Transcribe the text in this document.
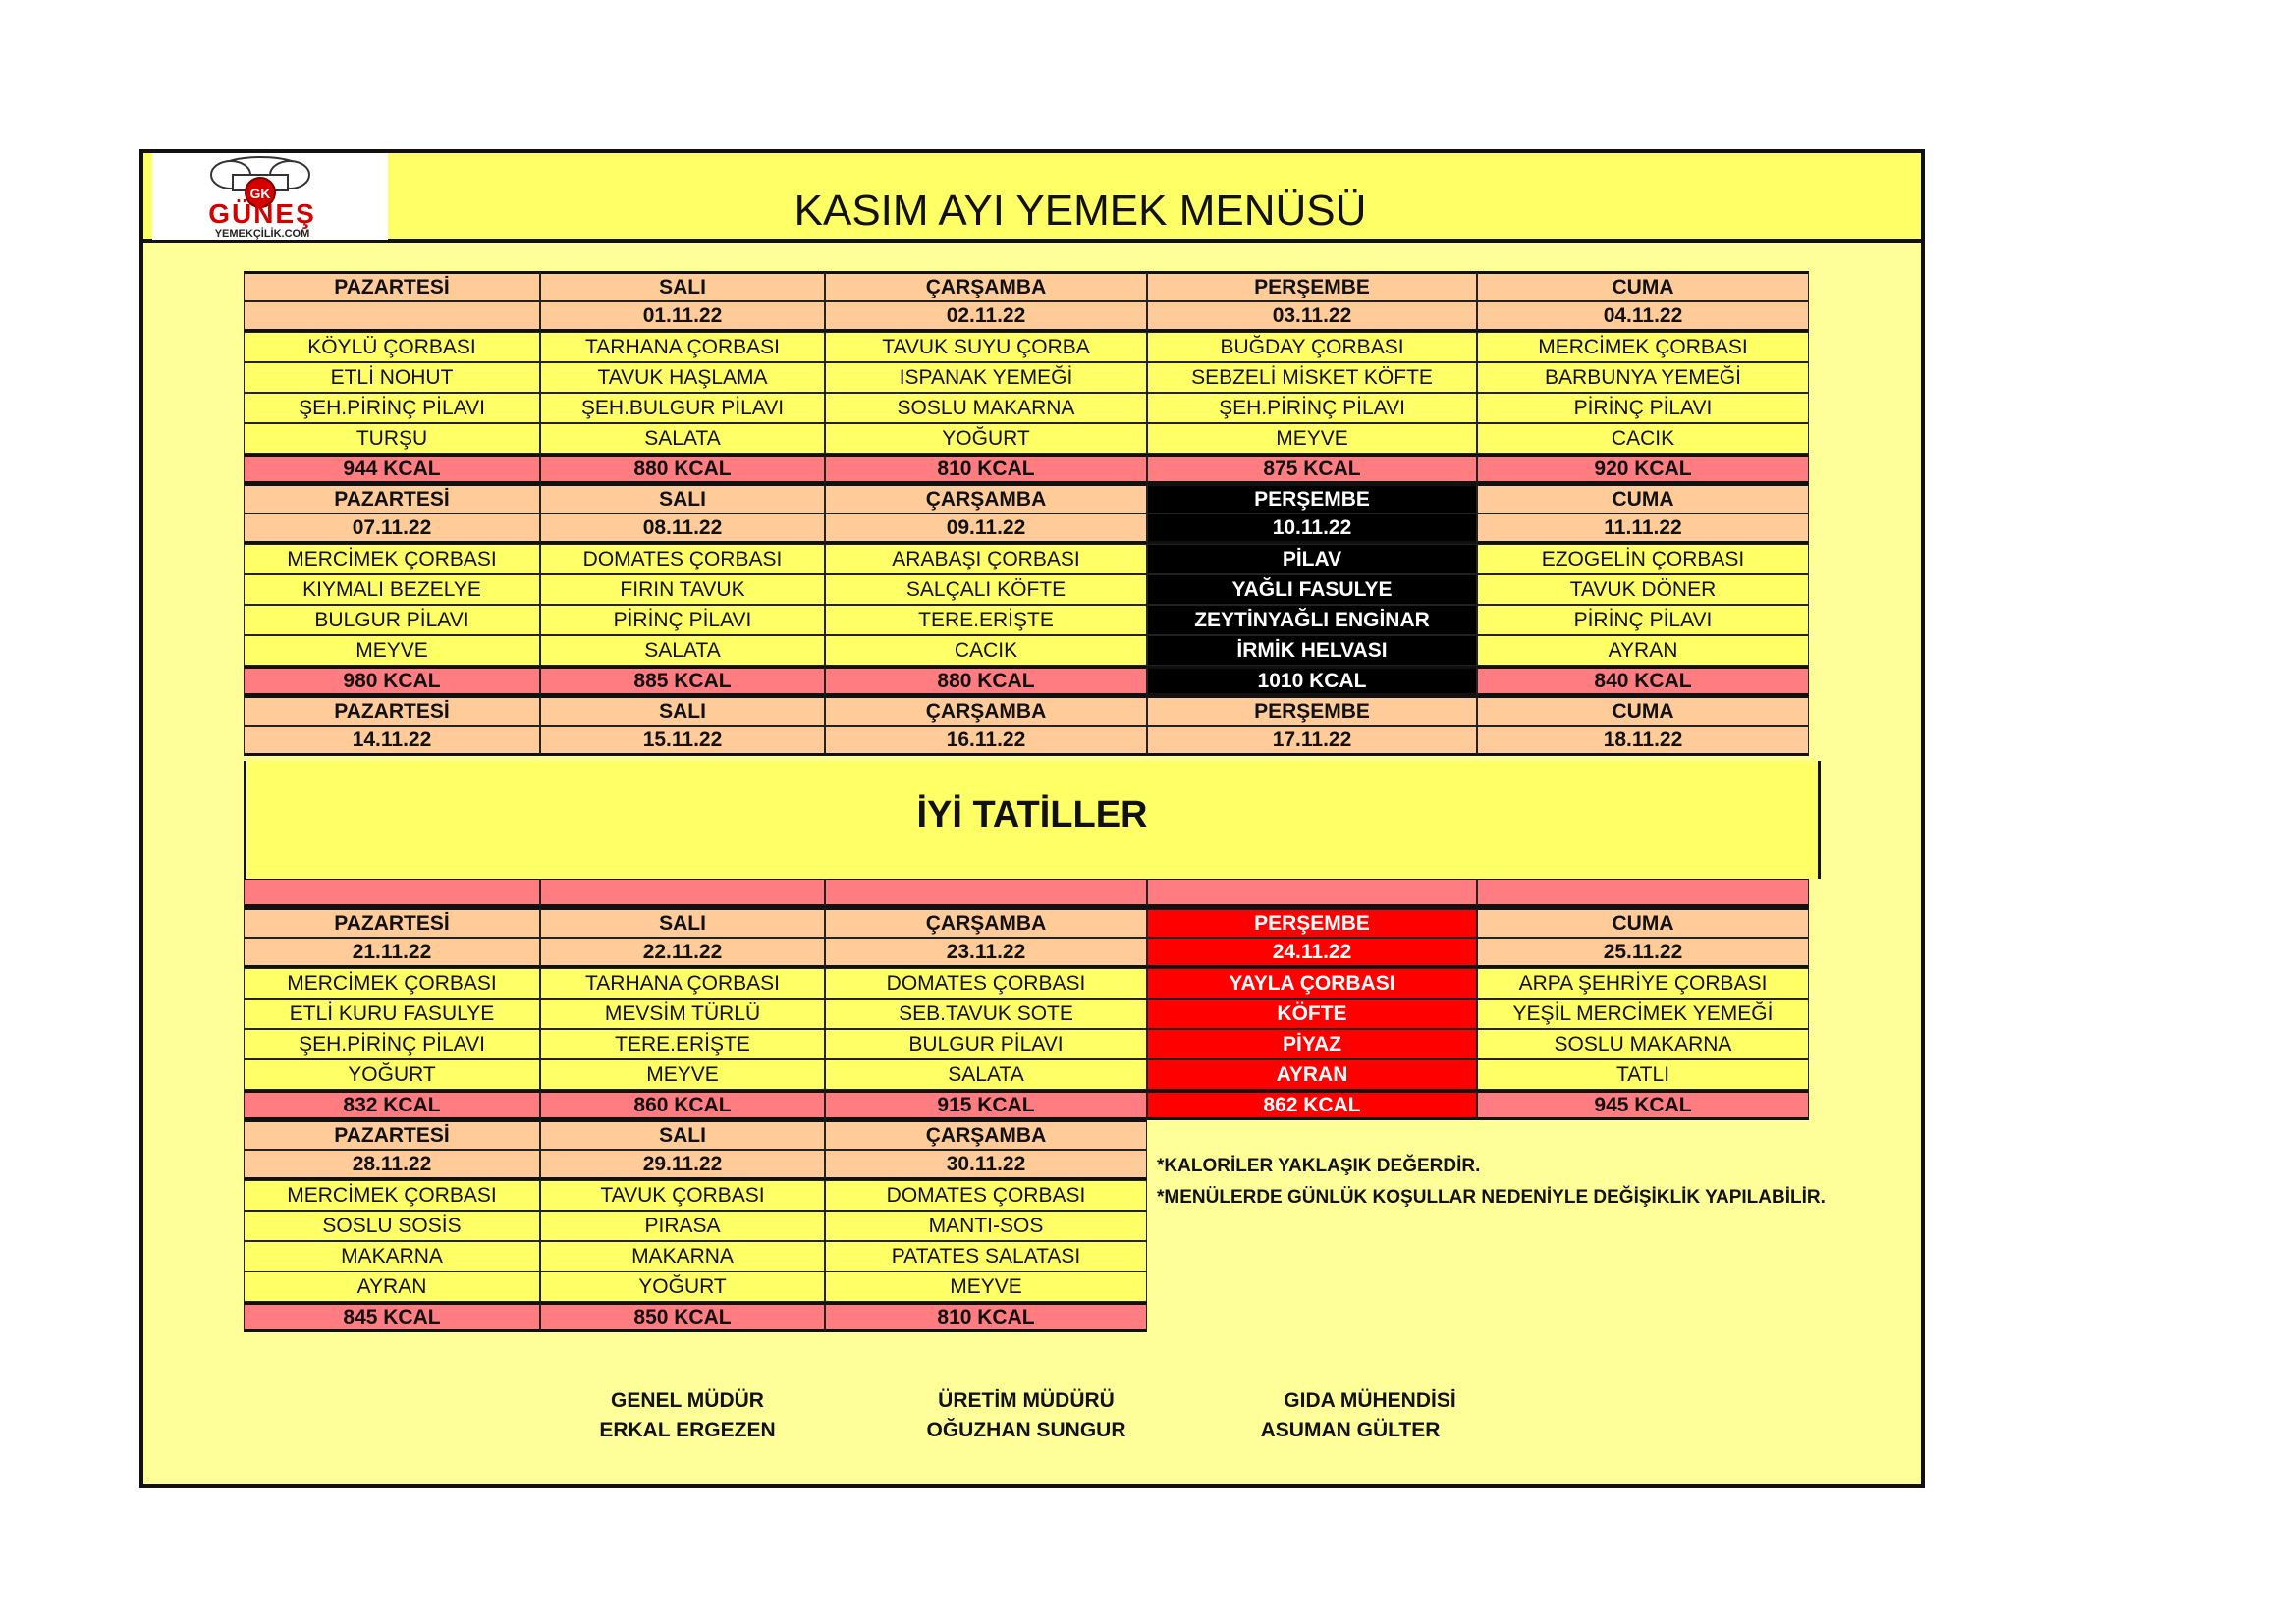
GK
GÜNEŞ
YEMEKÇİLİK.COM	KASIM AYI YEMEK MENÜSÜ
PAZARTESİ
KÖYLÜ ÇORBASI
ETLİ NOHUT
ŞEH.PİRİNÇ PİLAVI
TURŞU
944 KCAL
SALI
01.11.22
TARHANA ÇORBASI
TAVUK HAŞLAMA
ŞEH.BULGUR PİLAVI
SALATA
880 KCAL
ÇARŞAMBA
02.11.22
TAVUK SUYU ÇORBA
ISPANAK YEMEĞİ
SOSLU MAKARNA
YOĞURT
810 KCAL
PERŞEMBE
03.11.22
BUĞDAY ÇORBASI
SEBZELİ MİSKET KÖFTE
ŞEH.PİRİNÇ PİLAVI
MEYVE
875 KCAL
CUMA
04.11.22
MERCİMEK ÇORBASI
BARBUNYA YEMEĞİ
PİRİNÇ PİLAVI
CACIK
920 KCAL
PAZARTESİ
07.11.22
MERCİMEK ÇORBASI
KIYMALI BEZELYE
BULGUR PİLAVI
MEYVE
980 KCAL
SALI
08.11.22
DOMATES ÇORBASI
FIRIN TAVUK
PİRİNÇ PİLAVI
SALATA
885 KCAL
ÇARŞAMBA
09.11.22
ARABAŞI ÇORBASI
SALÇALI KÖFTE
TERE.ERİŞTE
CACIK
880 KCAL
PERŞEMBE
10.11.22
PİLAV
YAĞLI FASULYE
ZEYTİNYAĞLI ENGİNAR
İRMİK HELVASI
1010 KCAL
CUMA
11.11.22
EZOGELİN ÇORBASI
TAVUK DÖNER
PİRİNÇ PİLAVI
AYRAN
840 KCAL
PAZARTESİ
14.11.22
SALI
15.11.22
ÇARŞAMBA
16.11.22
PERŞEMBE
17.11.22
CUMA
18.11.22
PAZARTESİ
21.11.22
MERCİMEK ÇORBASI
ETLİ KURU FASULYE
ŞEH.PİRİNÇ PİLAVI
YOĞURT
832 KCAL
SALI
22.11.22
TARHANA ÇORBASI
MEVSİM TÜRLÜ
TERE.ERİŞTE
MEYVE
860 KCAL
ÇARŞAMBA
23.11.22
DOMATES ÇORBASI
SEB.TAVUK SOTE
BULGUR PİLAVI
SALATA
915 KCAL
PERŞEMBE
24.11.22
YAYLA ÇORBASI
KÖFTE
PİYAZ
AYRAN
862 KCAL
CUMA
25.11.22
ARPA ŞEHRİYE ÇORBASI
YEŞİL MERCİMEK YEMEĞİ
SOSLU MAKARNA
TATLI
945 KCAL
PAZARTESİ
28.11.22
MERCİMEK ÇORBASI
SOSLU SOSİS
MAKARNA
AYRAN
845 KCAL
SALI
29.11.22
TAVUK ÇORBASI
PIRASA
MAKARNA
YOĞURT
850 KCAL
ÇARŞAMBA
30.11.22
DOMATES ÇORBASI
MANTI-SOS
PATATES SALATASI
MEYVE
810 KCAL
İYİ TATİLLER
*KALORİLER YAKLAŞIK DEĞERDİR.
*MENÜLERDE GÜNLÜK KOŞULLAR NEDENİYLE DEĞİŞİKLİK YAPILABİLİR.
GENEL MÜDÜR
ERKAL ERGEZEN
ÜRETİM MÜDÜRÜ
OĞUZHAN SUNGUR
GIDA MÜHENDİSİ
ASUMAN GÜLTER
